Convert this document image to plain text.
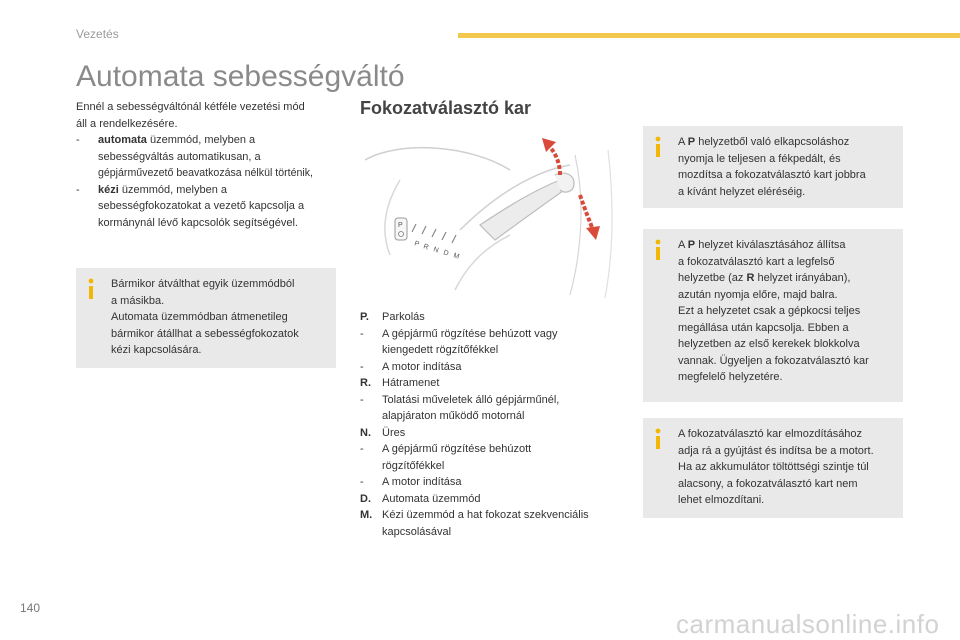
Vezetés
Automata sebességváltó

Ennél a sebességváltónál kétféle vezetési mód

áll a rendelkezésére.

- automata üzemmód, melyben a
sebességváltás automatikusan, a
gépjárművezető beavatkozása nélkül történik,
- kézi üzemmód, melyben a
sebességfokozatokat a vezető kapcsolja a
kormánynál lévő kapcsolók segítségével.
Bármikor átválthat egyik üzemmódból
a másikba.
Automata üzemmódban átmenetileg
bármikor átállhat a sebességfokozatok
kézi kapcsolására.
Fokozatválasztó kar
P
P R N D M
P. Parkolás
- A gépjármű rögzítése behúzott vagy
kiengedett rögzítőfékkel
- A motor indítása
R. Hátramenet
- Tolatási műveletek álló gépjárműnél,
alapjáraton működő motornál
N. Üres
- A gépjármű rögzítése behúzott
rögzítőfékkel
- A motor indítása
D. Automata üzemmód
M. Kézi üzemmód a hat fokozat szekvenciális
kapcsolásával
A P helyzetből való elkapcsoláshoz
nyomja le teljesen a fékpedált, és
mozdítsa a fokozatválasztó kart jobbra
a kívánt helyzet eléréséig.
A P helyzet kiválasztásához állítsa
a fokozatválasztó kart a legfelső
helyzetbe (az R helyzet irányában),
azután nyomja előre, majd balra.
Ezt a helyzetet csak a gépkocsi teljes
megállása után kapcsolja. Ebben a
helyzetben az első kerekek blokkolva
vannak. Ügyeljen a fokozatválasztó kar
megfelelő helyzetére.
A fokozatválasztó kar elmozdításához
adja rá a gyújtást és indítsa be a motort.
Ha az akkumulátor töltöttségi szintje túl
alacsony, a fokozatválasztó kart nem
lehet elmozdítani.
140
carmanualsonline.info
